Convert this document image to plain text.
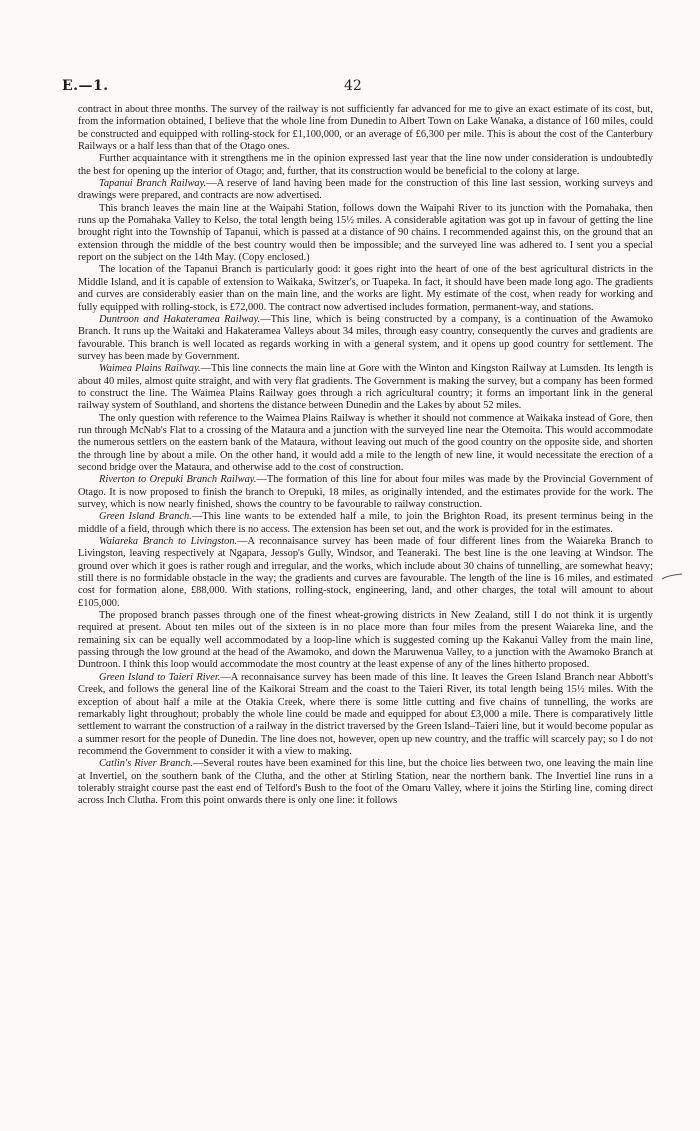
E.—1.	42

contract in about three months. The survey of the railway is not sufficiently far advanced for me to give an exact estimate of its cost, but, from the information obtained, I believe that the whole line from Dunedin to Albert Town on Lake Wanaka, a distance of 160 miles, could be constructed and equipped with rolling-stock for £1,100,000, or an average of £6,300 per mile. This is about the cost of the Canterbury Railways or a half less than that of the Otago ones.

Further acquaintance with it strengthens me in the opinion expressed last year that the line now under consideration is undoubtedly the best for opening up the interior of Otago; and, further, that its construction would be beneficial to the colony at large.

Tapanui Branch Railway.—A reserve of land having been made for the construction of this line last session, working surveys and drawings were prepared, and contracts are now advertised.

This branch leaves the main line at the Waipahi Station, follows down the Waipahi River to its junction with the Pomahaka, then runs up the Pomahaka Valley to Kelso, the total length being 15½ miles. A considerable agitation was got up in favour of getting the line brought right into the Township of Tapanui, which is passed at a distance of 90 chains. I recommended against this, on the ground that an extension through the middle of the best country would then be impossible; and the surveyed line was adhered to. I sent you a special report on the subject on the 14th May. (Copy enclosed.)

The location of the Tapanui Branch is particularly good: it goes right into the heart of one of the best agricultural districts in the Middle Island, and it is capable of extension to Waikaka, Switzer's, or Tuapeka. In fact, it should have been made long ago. The gradients and curves are considerably easier than on the main line, and the works are light. My estimate of the cost, when ready for working and fully equipped with rolling-stock, is £72,000. The contract now advertised includes formation, permanent-way, and stations.

Duntroon and Hakateramea Railway.—This line, which is being constructed by a company, is a continuation of the Awamoko Branch. It runs up the Waitaki and Hakateramea Valleys about 34 miles, through easy country, consequently the curves and gradients are favourable. This branch is well located as regards working in with a general system, and it opens up good country for settlement. The survey has been made by Government.

Waimea Plains Railway.—This line connects the main line at Gore with the Winton and Kingston Railway at Lumsden. Its length is about 40 miles, almost quite straight, and with very flat gradients. The Government is making the survey, but a company has been formed to construct the line. The Waimea Plains Railway goes through a rich agricultural country; it forms an important link in the general railway system of Southland, and shortens the distance between Dunedin and the Lakes by about 52 miles.

The only question with reference to the Waimea Plains Railway is whether it should not commence at Waikaka instead of Gore, then run through McNab's Flat to a crossing of the Mataura and a junction with the surveyed line near the Otemoita. This would accommodate the numerous settlers on the eastern bank of the Mataura, without leaving out much of the good country on the opposite side, and shorten the through line by about a mile. On the other hand, it would add a mile to the length of new line, it would necessitate the erection of a second bridge over the Mataura, and otherwise add to the cost of construction.

Riverton to Orepuki Branch Railway.—The formation of this line for about four miles was made by the Provincial Government of Otago. It is now proposed to finish the branch to Orepuki, 18 miles, as originally intended, and the estimates provide for the work. The survey, which is now nearly finished, shows the country to be favourable to railway construction.

Green Island Branch.—This line wants to be extended half a mile, to join the Brighton Road, its present terminus being in the middle of a field, through which there is no access. The extension has been set out, and the work is provided for in the estimates.

Waiareka Branch to Livingston.—A reconnaisance survey has been made of four different lines from the Waiareka Branch to Livingston, leaving respectively at Ngapara, Jessop's Gully, Windsor, and Teaneraki. The best line is the one leaving at Windsor. The ground over which it goes is rather rough and irregular, and the works, which include about 30 chains of tunnelling, are somewhat heavy; still there is no formidable obstacle in the way; the gradients and curves are favourable. The length of the line is 16 miles, and estimated cost for formation alone, £88,000. With stations, rolling-stock, engineering, land, and other charges, the total will amount to about £105,000.

The proposed branch passes through one of the finest wheat-growing districts in New Zealand, still I do not think it is urgently required at present. About ten miles out of the sixteen is in no place more than four miles from the present Waiareka line, and the remaining six can be equally well accommodated by a loop-line which is suggested coming up the Kakanui Valley from the main line, passing through the low ground at the head of the Awamoko, and down the Maruwenua Valley, to a junction with the Awamoko Branch at Duntroon. I think this loop would accommodate the most country at the least expense of any of the lines hitherto proposed.

Green Island to Taieri River.—A reconnaisance survey has been made of this line. It leaves the Green Island Branch near Abbott's Creek, and follows the general line of the Kaikorai Stream and the coast to the Taieri River, its total length being 15½ miles. With the exception of about half a mile at the Otakia Creek, where there is some little cutting and five chains of tunnelling, the works are remarkably light throughout; probably the whole line could be made and equipped for about £3,000 a mile. There is comparatively little settlement to warrant the construction of a railway in the district traversed by the Green Island–Taieri line, but it would become popular as a summer resort for the people of Dunedin. The line does not, however, open up new country, and the traffic will scarcely pay; so I do not recommend the Government to consider it with a view to making.

Catlin's River Branch.—Several routes have been examined for this line, but the choice lies between two, one leaving the main line at Invertiel, on the southern bank of the Clutha, and the other at Stirling Station, near the northern bank. The Invertiel line runs in a tolerably straight course past the east end of Telford's Bush to the foot of the Omaru Valley, where it joins the Stirling line, coming direct across Inch Clutha. From this point onwards there is only one line: it follows
